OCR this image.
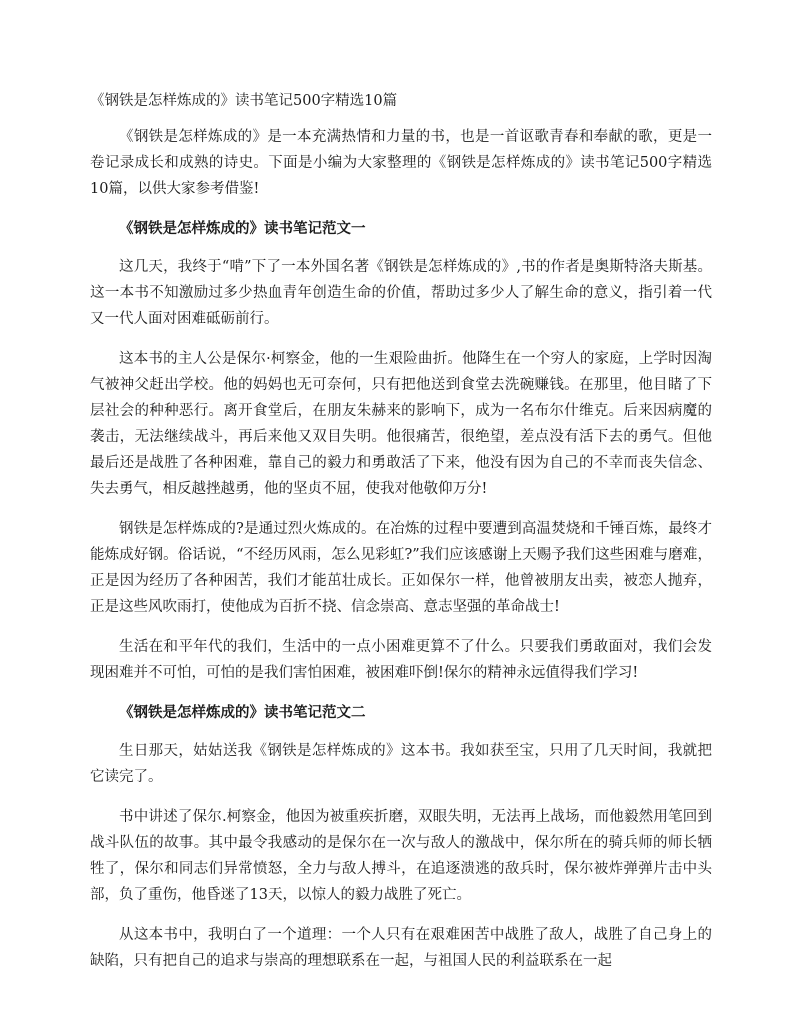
《钢铁是怎样炼成的》读书笔记500字精选10篇

《钢铁是怎样炼成的》是一本充满热情和力量的书，也是一首讴歌青春和奉献的歌，更是一卷记录成长和成熟的诗史。下面是小编为大家整理的《钢铁是怎样炼成的》读书笔记500字精选10篇，以供大家参考借鉴!

《钢铁是怎样炼成的》读书笔记范文一

这几天，我终于“啃”下了一本外国名著《钢铁是怎样炼成的》,书的作者是奥斯特洛夫斯基。这一本书不知激励过多少热血青年创造生命的价值，帮助过多少人了解生命的意义，指引着一代又一代人面对困难砥砺前行。

这本书的主人公是保尔·柯察金，他的一生艰险曲折。他降生在一个穷人的家庭，上学时因淘气被神父赶出学校。他的妈妈也无可奈何，只有把他送到食堂去洗碗赚钱。在那里，他目睹了下层社会的种种恶行。离开食堂后，在朋友朱赫来的影响下，成为一名布尔什维克。后来因病魔的袭击，无法继续战斗，再后来他又双目失明。他很痛苦，很绝望，差点没有活下去的勇气。但他最后还是战胜了各种困难，靠自己的毅力和勇敢活了下来，他没有因为自己的不幸而丧失信念、失去勇气，相反越挫越勇，他的坚贞不屈，使我对他敬仰万分!

钢铁是怎样炼成的?是通过烈火炼成的。在冶炼的过程中要遭到高温焚烧和千锤百炼，最终才能炼成好钢。俗话说，“不经历风雨，怎么见彩虹?”我们应该感谢上天赐予我们这些困难与磨难，正是因为经历了各种困苦，我们才能茁壮成长。正如保尔一样，他曾被朋友出卖，被恋人抛弃，正是这些风吹雨打，使他成为百折不挠、信念崇高、意志坚强的革命战士!

生活在和平年代的我们，生活中的一点小困难更算不了什么。只要我们勇敢面对，我们会发现困难并不可怕，可怕的是我们害怕困难，被困难吓倒!保尔的精神永远值得我们学习!

《钢铁是怎样炼成的》读书笔记范文二

生日那天，姑姑送我《钢铁是怎样炼成的》这本书。我如获至宝，只用了几天时间，我就把它读完了。

书中讲述了保尔.柯察金，他因为被重疾折磨，双眼失明，无法再上战场，而他毅然用笔回到战斗队伍的故事。其中最令我感动的是保尔在一次与敌人的激战中，保尔所在的骑兵师的师长牺牲了，保尔和同志们异常愤怒，全力与敌人搏斗，在追逐溃逃的敌兵时，保尔被炸弹弹片击中头部，负了重伤，他昏迷了13天，以惊人的毅力战胜了死亡。

从这本书中，我明白了一个道理：一个人只有在艰难困苦中战胜了敌人，战胜了自己身上的缺陷，只有把自己的追求与崇高的理想联系在一起，与祖国人民的利益联系在一起
